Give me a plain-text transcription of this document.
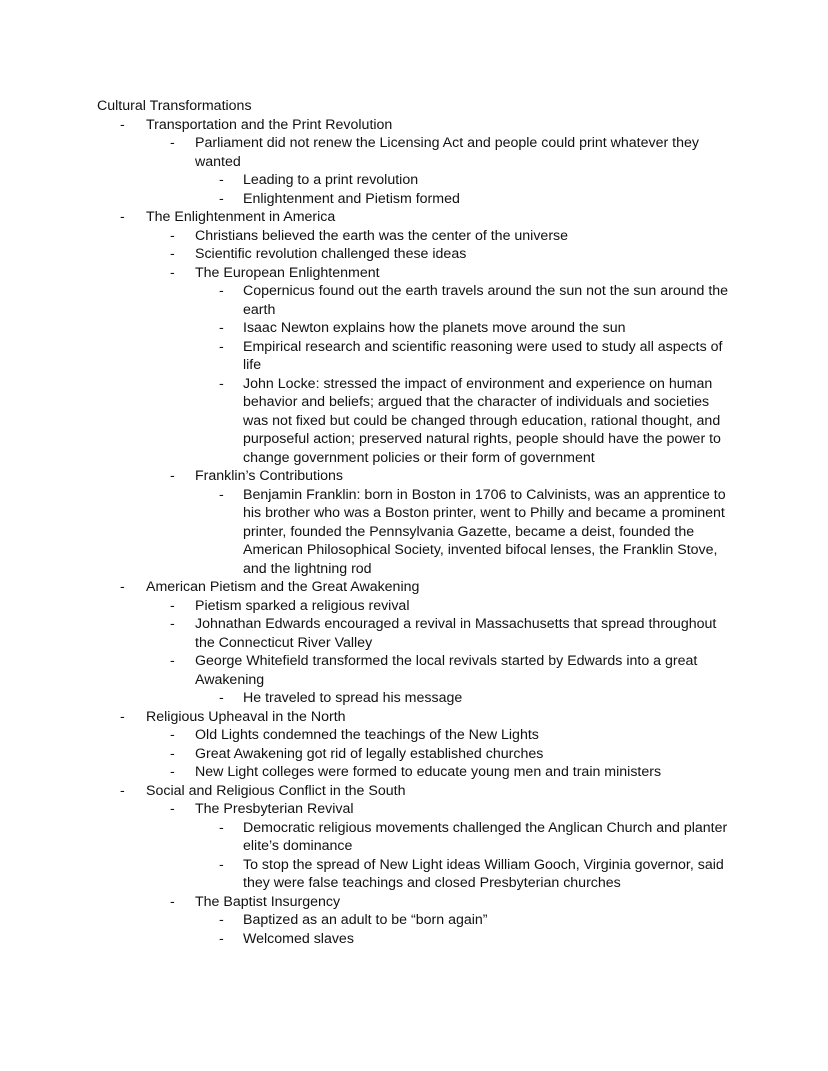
Cultural Transformations
-	Transportation and the Print Revolution
-	Parliament did not renew the Licensing Act and people could print whatever they wanted
-	Leading to a print revolution
-	Enlightenment and Pietism formed
-	The Enlightenment in America
-	Christians believed the earth was the center of the universe
-	Scientific revolution challenged these ideas
-	The European Enlightenment
-	Copernicus found out the earth travels around the sun not the sun around the earth
-	Isaac Newton explains how the planets move around the sun
-	Empirical research and scientific reasoning were used to study all aspects of life
-	John Locke: stressed the impact of environment and experience on human behavior and beliefs; argued that the character of individuals and societies was not fixed but could be changed through education, rational thought, and purposeful action; preserved natural rights, people should have the power to change government policies or their form of government
-	Franklin’s Contributions
-	Benjamin Franklin: born in Boston in 1706 to Calvinists, was an apprentice to his brother who was a Boston printer, went to Philly and became a prominent printer, founded the Pennsylvania Gazette, became a deist, founded the American Philosophical Society, invented bifocal lenses, the Franklin Stove, and the lightning rod
-	American Pietism and the Great Awakening
-	Pietism sparked a religious revival
-	Johnathan Edwards encouraged a revival in Massachusetts that spread throughout the Connecticut River Valley
-	George Whitefield transformed the local revivals started by Edwards into a great Awakening
-	He traveled to spread his message
-	Religious Upheaval in the North
-	Old Lights condemned the teachings of the New Lights
-	Great Awakening got rid of legally established churches
-	New Light colleges were formed to educate young men and train ministers
-	Social and Religious Conflict in the South
-	The Presbyterian Revival
-	Democratic religious movements challenged the Anglican Church and planter elite’s dominance
-	To stop the spread of New Light ideas William Gooch, Virginia governor, said they were false teachings and closed Presbyterian churches
-	The Baptist Insurgency
-	Baptized as an adult to be “born again”
-	Welcomed slaves
